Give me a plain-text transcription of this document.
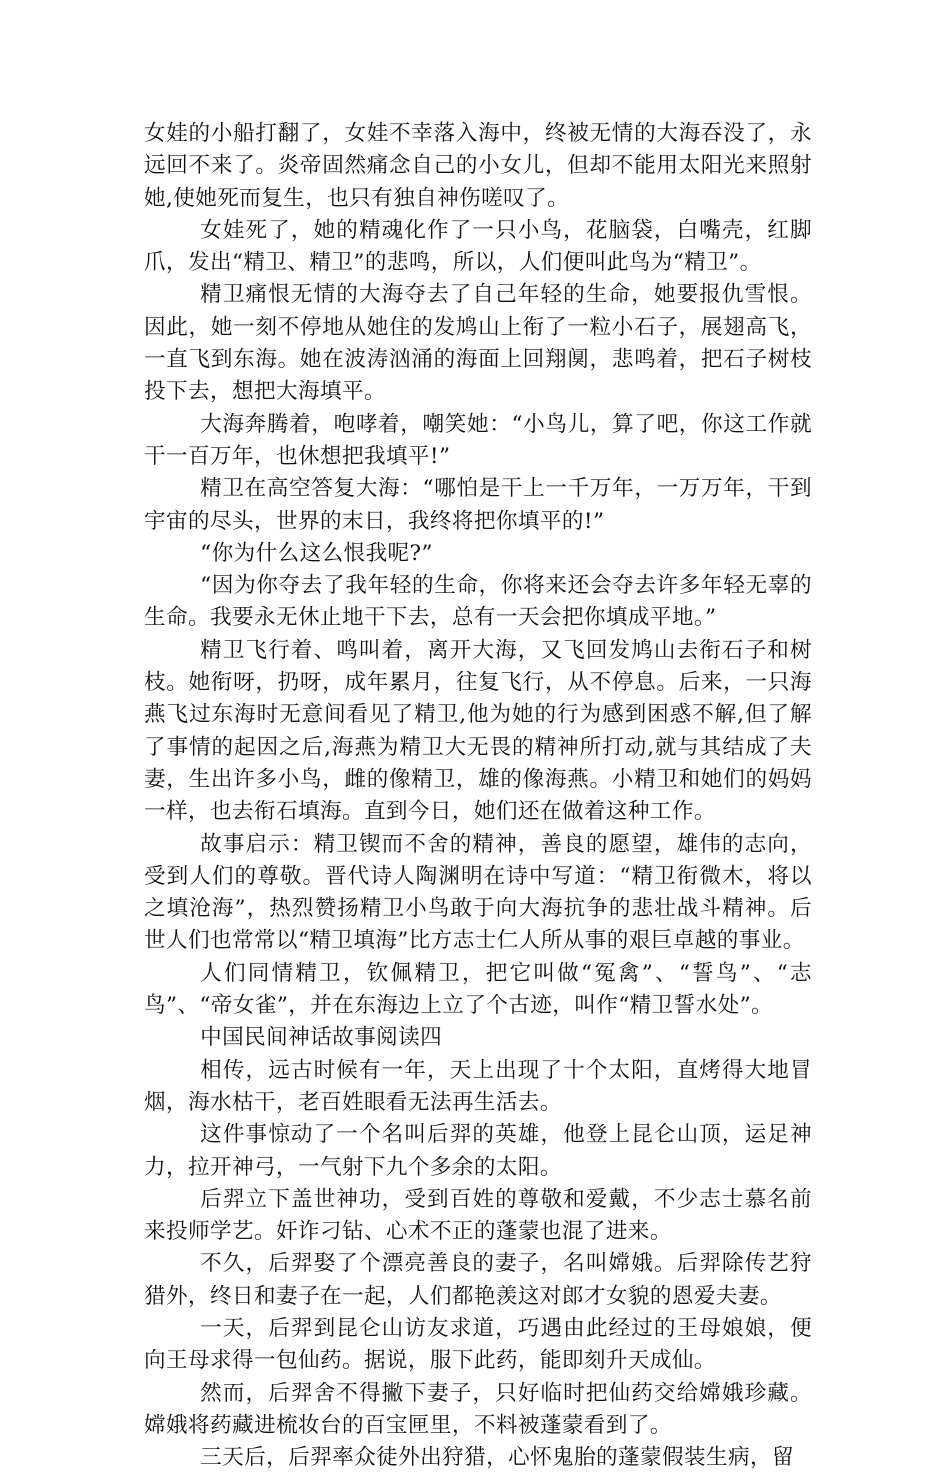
女娃的小船打翻了，女娃不幸落入海中，终被无情的大海吞没了，永远回不来了。炎帝固然痛念自己的小女儿，但却不能用太阳光来照射她,使她死而复生，也只有独自神伤嗟叹了。

女娃死了，她的精魂化作了一只小鸟，花脑袋，白嘴壳，红脚爪，发出“精卫、精卫”的悲鸣，所以，人们便叫此鸟为“精卫”。

精卫痛恨无情的大海夺去了自己年轻的生命，她要报仇雪恨。因此，她一刻不停地从她住的发鸠山上衔了一粒小石子，展翅高飞，一直飞到东海。她在波涛汹涌的海面上回翔阒，悲鸣着，把石子树枝投下去，想把大海填平。

大海奔腾着，咆哮着，嘲笑她：“小鸟儿，算了吧，你这工作就干一百万年，也休想把我填平!”

精卫在高空答复大海：“哪怕是干上一千万年，一万万年，干到宇宙的尽头，世界的末日，我终将把你填平的!”

“你为什么这么恨我呢?”

“因为你夺去了我年轻的生命，你将来还会夺去许多年轻无辜的生命。我要永无休止地干下去，总有一天会把你填成平地。”

精卫飞行着、鸣叫着，离开大海，又飞回发鸠山去衔石子和树枝。她衔呀，扔呀，成年累月，往复飞行，从不停息。后来，一只海燕飞过东海时无意间看见了精卫,他为她的行为感到困惑不解,但了解了事情的起因之后,海燕为精卫大无畏的精神所打动,就与其结成了夫妻，生出许多小鸟，雌的像精卫，雄的像海燕。小精卫和她们的妈妈一样，也去衔石填海。直到今日，她们还在做着这种工作。

故事启示：精卫锲而不舍的精神，善良的愿望，雄伟的志向，受到人们的尊敬。晋代诗人陶渊明在诗中写道：“精卫衔微木，将以之填沧海”，热烈赞扬精卫小鸟敢于向大海抗争的悲壮战斗精神。后世人们也常常以“精卫填海”比方志士仁人所从事的艰巨卓越的事业。

人们同情精卫，钦佩精卫，把它叫做“冤禽”、“誓鸟”、“志鸟”、“帝女雀”，并在东海边上立了个古迹，叫作“精卫誓水处”。

中国民间神话故事阅读四

相传，远古时候有一年，天上出现了十个太阳，直烤得大地冒烟，海水枯干，老百姓眼看无法再生活去。

这件事惊动了一个名叫后羿的英雄，他登上昆仑山顶，运足神力，拉开神弓，一气射下九个多余的太阳。

后羿立下盖世神功，受到百姓的尊敬和爱戴，不少志士慕名前来投师学艺。奸诈刁钻、心术不正的蓬蒙也混了进来。

不久，后羿娶了个漂亮善良的妻子，名叫嫦娥。后羿除传艺狩猎外，终日和妻子在一起，人们都艳羡这对郎才女貌的恩爱夫妻。

一天，后羿到昆仑山访友求道，巧遇由此经过的王母娘娘，便向王母求得一包仙药。据说，服下此药，能即刻升天成仙。

然而，后羿舍不得撇下妻子，只好临时把仙药交给嫦娥珍藏。嫦娥将药藏进梳妆台的百宝匣里，不料被蓬蒙看到了。

三天后，后羿率众徒外出狩猎，心怀鬼胎的蓬蒙假装生病，留
